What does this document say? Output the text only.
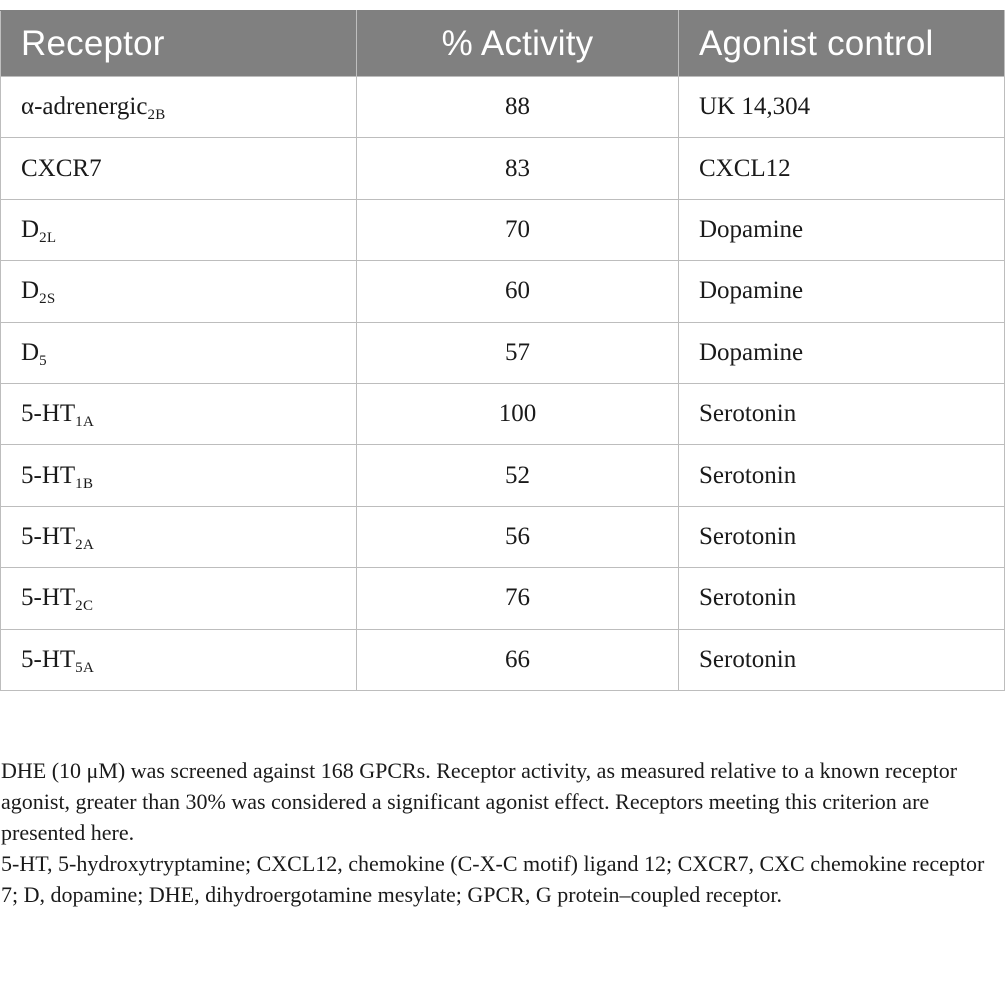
Receptor	% Activity	Agonist control
α-adrenergic$_{2B}$	88	UK 14,304
CXCR7	83	CXCL12
$D_{2L}$	70	Dopamine
$D_{2S}$	60	Dopamine
$D_5$	57	Dopamine
$5-HT_{1A}$	100	Serotonin
$5-HT_{1B}$	52	Serotonin
$5-HT_{2A}$	56	Serotonin
$5-HT_{2C}$	76	Serotonin
$5-HT_{5A}$	66	Serotonin

DHE (10 μM) was screened against 168 GPCRs. Receptor activity, as measured relative to a known receptor agonist, greater than 30% was considered a significant agonist effect. Receptors meeting this criterion are presented here.

5-HT, 5-hydroxytryptamine; CXCL12, chemokine (C-X-C motif) ligand 12; CXCR7, CXC chemokine receptor 7; D, dopamine; DHE, dihydroergotamine mesylate; GPCR, G protein–coupled receptor.
